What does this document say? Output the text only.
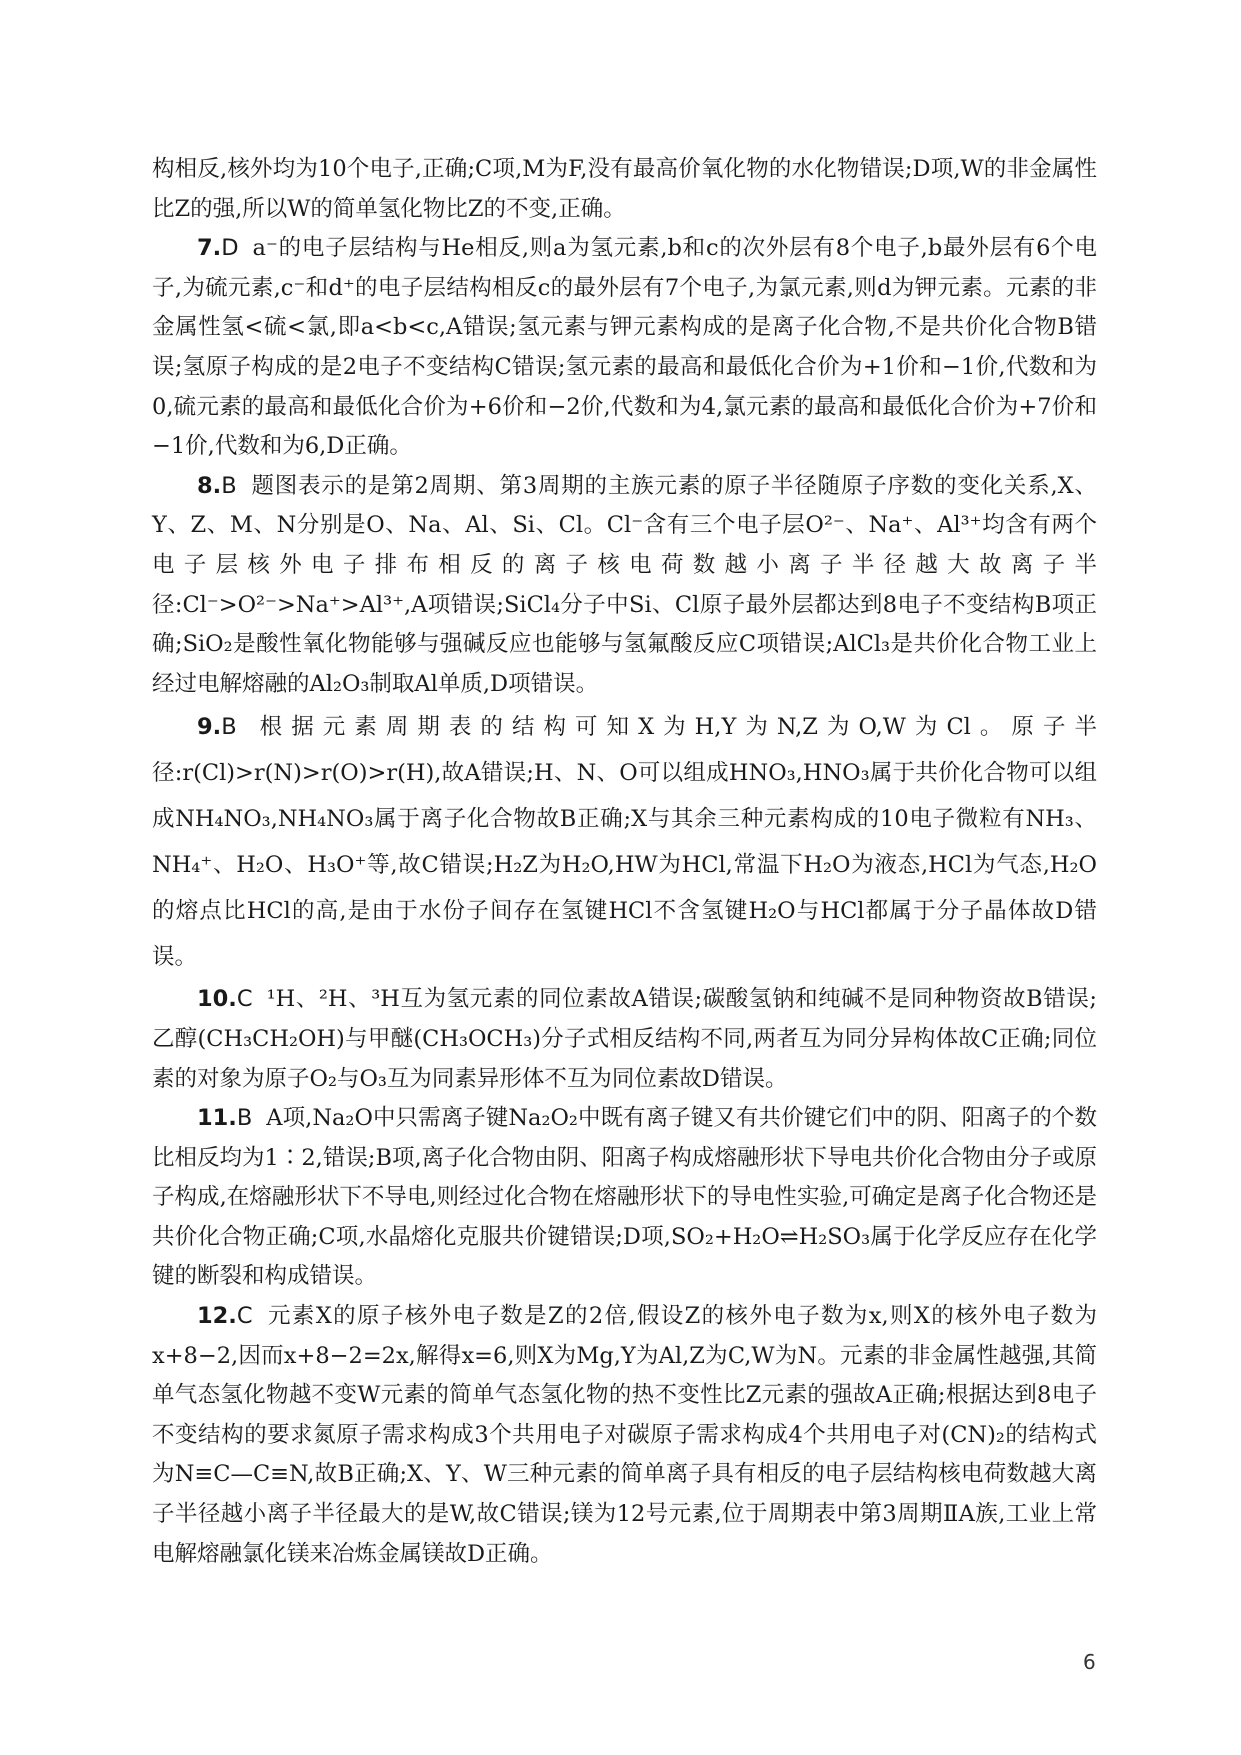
构相反,核外均为10个电子,正确;C项,M为F,没有最高价氧化物的水化物错误;D项,W的非金属性比Z的强,所以W的简单氢化物比Z的不变,正确。

7.D a⁻的电子层结构与He相反,则a为氢元素,b和c的次外层有8个电子,b最外层有6个电子,为硫元素,c⁻和d⁺的电子层结构相反c的最外层有7个电子,为氯元素,则d为钾元素。元素的非金属性氢<硫<氯,即a<b<c,A错误;氢元素与钾元素构成的是离子化合物,不是共价化合物B错误;氢原子构成的是2电子不变结构C错误;氢元素的最高和最低化合价为+1价和−1价,代数和为0,硫元素的最高和最低化合价为+6价和−2价,代数和为4,氯元素的最高和最低化合价为+7价和−1价,代数和为6,D正确。

8.B 题图表示的是第2周期、第3周期的主族元素的原子半径随原子序数的变化关系,X、Y、Z、M、N分别是O、Na、Al、Si、Cl。Cl⁻含有三个电子层O²⁻、Na⁺、Al³⁺均含有两个电子层核外电子排布相反的离子核电荷数越小离子半径越大故离子半径:Cl⁻>O²⁻>Na⁺>Al³⁺,A项错误;SiCl₄分子中Si、Cl原子最外层都达到8电子不变结构B项正确;SiO₂是酸性氧化物能够与强碱反应也能够与氢氟酸反应C项错误;AlCl₃是共价化合物工业上经过电解熔融的Al₂O₃制取Al单质,D项错误。

9.B 根据元素周期表的结构可知X为H,Y为N,Z为O,W为Cl。原子半径:r(Cl)>r(N)>r(O)>r(H),故A错误;H、N、O可以组成HNO₃,HNO₃属于共价化合物可以组成NH₄NO₃,NH₄NO₃属于离子化合物故B正确;X与其余三种元素构成的10电子微粒有NH₃、NH₄⁺、H₂O、H₃O⁺等,故C错误;H₂Z为H₂O,HW为HCl,常温下H₂O为液态,HCl为气态,H₂O的熔点比HCl的高,是由于水份子间存在氢键HCl不含氢键H₂O与HCl都属于分子晶体故D错误。

10.C ¹H、²H、³H互为氢元素的同位素故A错误;碳酸氢钠和纯碱不是同种物资故B错误;乙醇(CH₃CH₂OH)与甲醚(CH₃OCH₃)分子式相反结构不同,两者互为同分异构体故C正确;同位素的对象为原子O₂与O₃互为同素异形体不互为同位素故D错误。

11.B A项,Na₂O中只需离子键Na₂O₂中既有离子键又有共价键它们中的阴、阳离子的个数比相反均为1∶2,错误;B项,离子化合物由阴、阳离子构成熔融形状下导电共价化合物由分子或原子构成,在熔融形状下不导电,则经过化合物在熔融形状下的导电性实验,可确定是离子化合物还是共价化合物正确;C项,水晶熔化克服共价键错误;D项,SO₂+H₂O⇌H₂SO₃属于化学反应存在化学键的断裂和构成错误。

12.C 元素X的原子核外电子数是Z的2倍,假设Z的核外电子数为x,则X的核外电子数为x+8−2,因而x+8−2=2x,解得x=6,则X为Mg,Y为Al,Z为C,W为N。元素的非金属性越强,其简单气态氢化物越不变W元素的简单气态氢化物的热不变性比Z元素的强故A正确;根据达到8电子不变结构的要求氮原子需求构成3个共用电子对碳原子需求构成4个共用电子对(CN)₂的结构式为N≡C—C≡N,故B正确;X、Y、W三种元素的简单离子具有相反的电子层结构核电荷数越大离子半径越小离子半径最大的是W,故C错误;镁为12号元素,位于周期表中第3周期ⅡA族,工业上常电解熔融氯化镁来冶炼金属镁故D正确。

6
